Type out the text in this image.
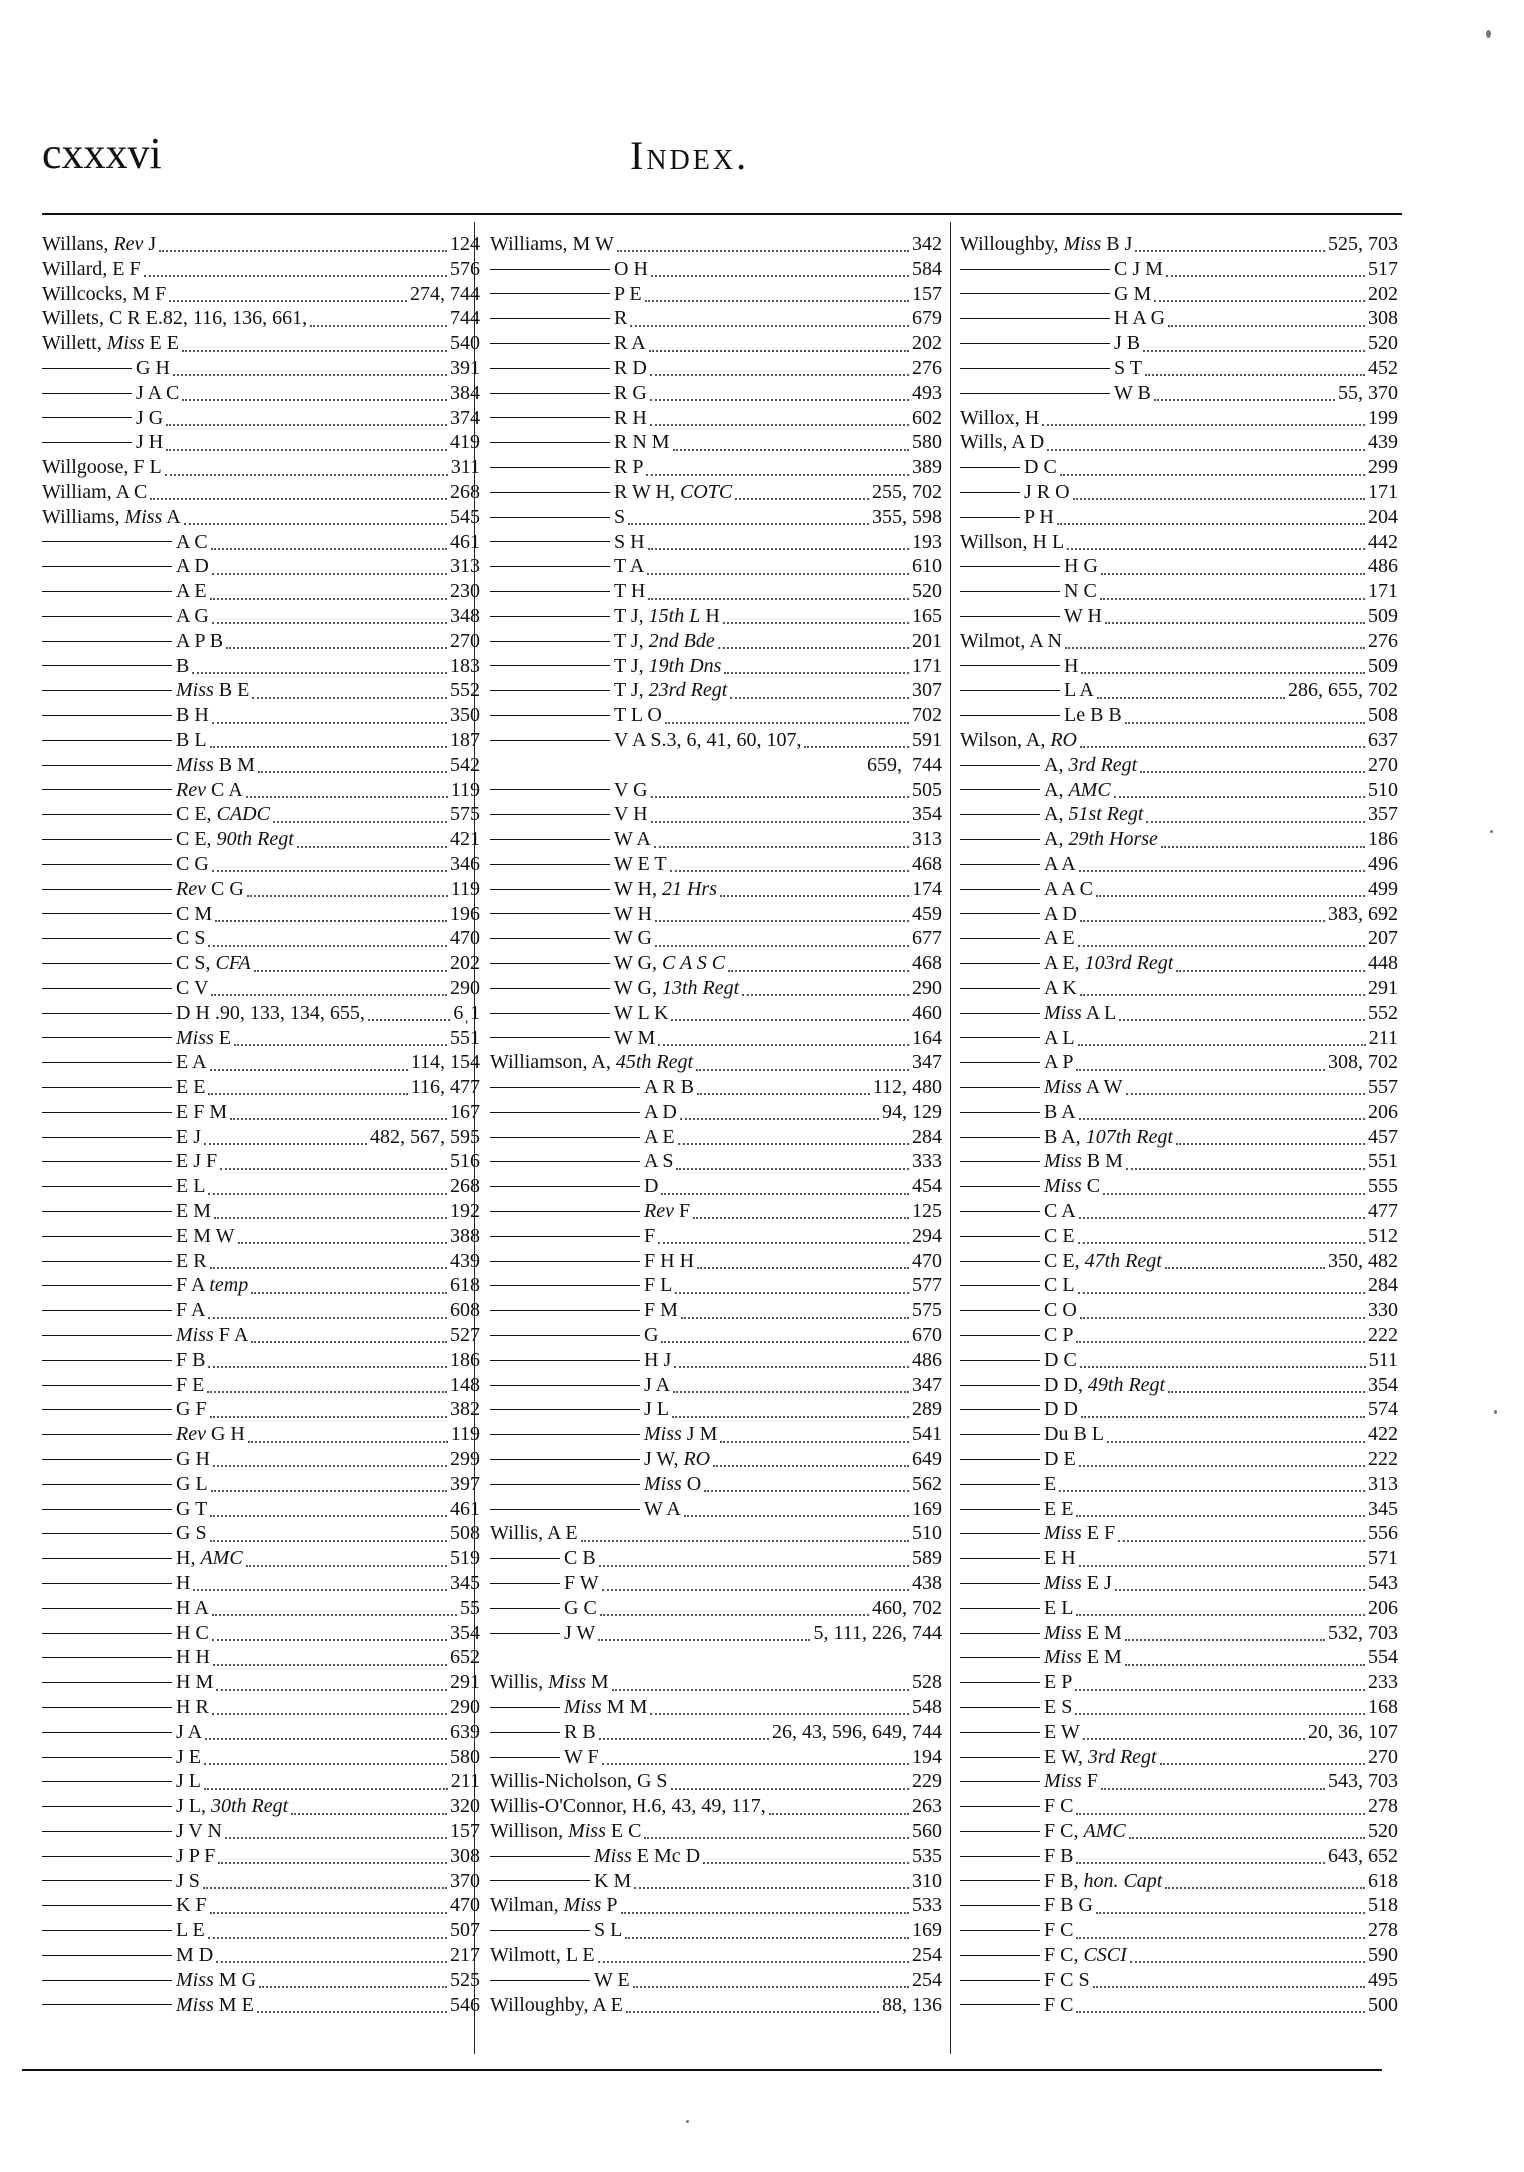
cxxxvi	Index.
Willans, Rev J	124
Willard, E F	576
Willcocks, M F	274, 744
Willets, C R E.82, 116, 136, 661,	744
Willett, Miss E E	540
G H	391
J A C	384
J G	374
J H	419
Willgoose, F L	311
William, A C	268
Williams, Miss A	545
A C	461
A D	313
A E	230
A G	348
A P B	270
B	183
Miss B E	552
B H	350
B L	187
Miss B M	542
Rev C A	119
C E, CADC	575
C E, 90th Regt	421
C G	346
Rev C G	119
C M	196
C S	470
C S, CFA	202
C V	290
D H .90, 133, 134, 655,	6ˌ1
Miss E	551
E A	114, 154
E E	116, 477
E F M	167
E J	482, 567, 595
E J F	516
E L	268
E M	192
E M W	388
E R	439
F A temp	618
F A	608
Miss F A	527
F B	186
F E	148
G F	382
Rev G H	119
G H	299
G L	397
G T	461
G S	508
H, AMC	519
H	345
H A	55
H C	354
H H	652
H M	291
H R	290
J A	639
J E	580
J L	211
J L, 30th Regt	320
J V N	157
J P F	308
J S	370
K F	470
L E	507
M D	217
Miss M G	525
Miss M E	546
Williams, M W	342
O H	584
P E	157
R	679
R A	202
R D	276
R G	493
R H	602
R N M	580
R P	389
R W H, COTC	255, 702
S	355, 598
S H	193
T A	610
T H	520
T J, 15th L H	165
T J, 2nd Bde	201
T J, 19th Dns	171
T J, 23rd Regt	307
T L O	702
V A S.3, 6, 41, 60, 107,	591
659, 744
V G	505
V H	354
W A	313
W E T	468
W H, 21 Hrs	174
W H	459
W G	677
W G, C A S C	468
W G, 13th Regt	290
W L K	460
W M	164
Williamson, A, 45th Regt	347
A R B	112, 480
A D	94, 129
A E	284
A S	333
D	454
Rev F	125
F	294
F H H	470
F L	577
F M	575
G	670
H J	486
J A	347
J L	289
Miss J M	541
J W, RO	649
Miss O	562
W A	169
Willis, A E	510
C B	589
F W	438
G C	460, 702
J W	5, 111, 226, 744
Willis, Miss M	528
Miss M M	548
R B	26, 43, 596, 649, 744
W F	194
Willis-Nicholson, G S	229
Willis-O'Connor, H.6, 43, 49, 117,	263
Willison, Miss E C	560
Miss E Mc D	535
K M	310
Wilman, Miss P	533
S L	169
Wilmott, L E	254
W E	254
Willoughby, A E	88, 136
Willoughby, Miss B J	525, 703
C J M	517
G M	202
H A G	308
J B	520
S T	452
W B	55, 370
Willox, H	199
Wills, A D	439
D C	299
J R O	171
P H	204
Willson, H L	442
H G	486
N C	171
W H	509
Wilmot, A N	276
H	509
L A	286, 655, 702
Le B B	508
Wilson, A, RO	637
A, 3rd Regt	270
A, AMC	510
A, 51st Regt	357
A, 29th Horse	186
A A	496
A A C	499
A D	383, 692
A E	207
A E, 103rd Regt	448
A K	291
Miss A L	552
A L	211
A P	308, 702
Miss A W	557
B A	206
B A, 107th Regt	457
Miss B M	551
Miss C	555
C A	477
C E	512
C E, 47th Regt	350, 482
C L	284
C O	330
C P	222
D C	511
D D, 49th Regt	354
D D	574
Du B L	422
D E	222
E	313
E E	345
Miss E F	556
E H	571
Miss E J	543
E L	206
Miss E M	532, 703
Miss E M	554
E P	233
E S	168
E W	20, 36, 107
E W, 3rd Regt	270
Miss F	543, 703
F C	278
F C, AMC	520
F B	643, 652
F B, hon. Capt	618
F B G	518
F C	278
F C, CSCI	590
F C S	495
F C	500
